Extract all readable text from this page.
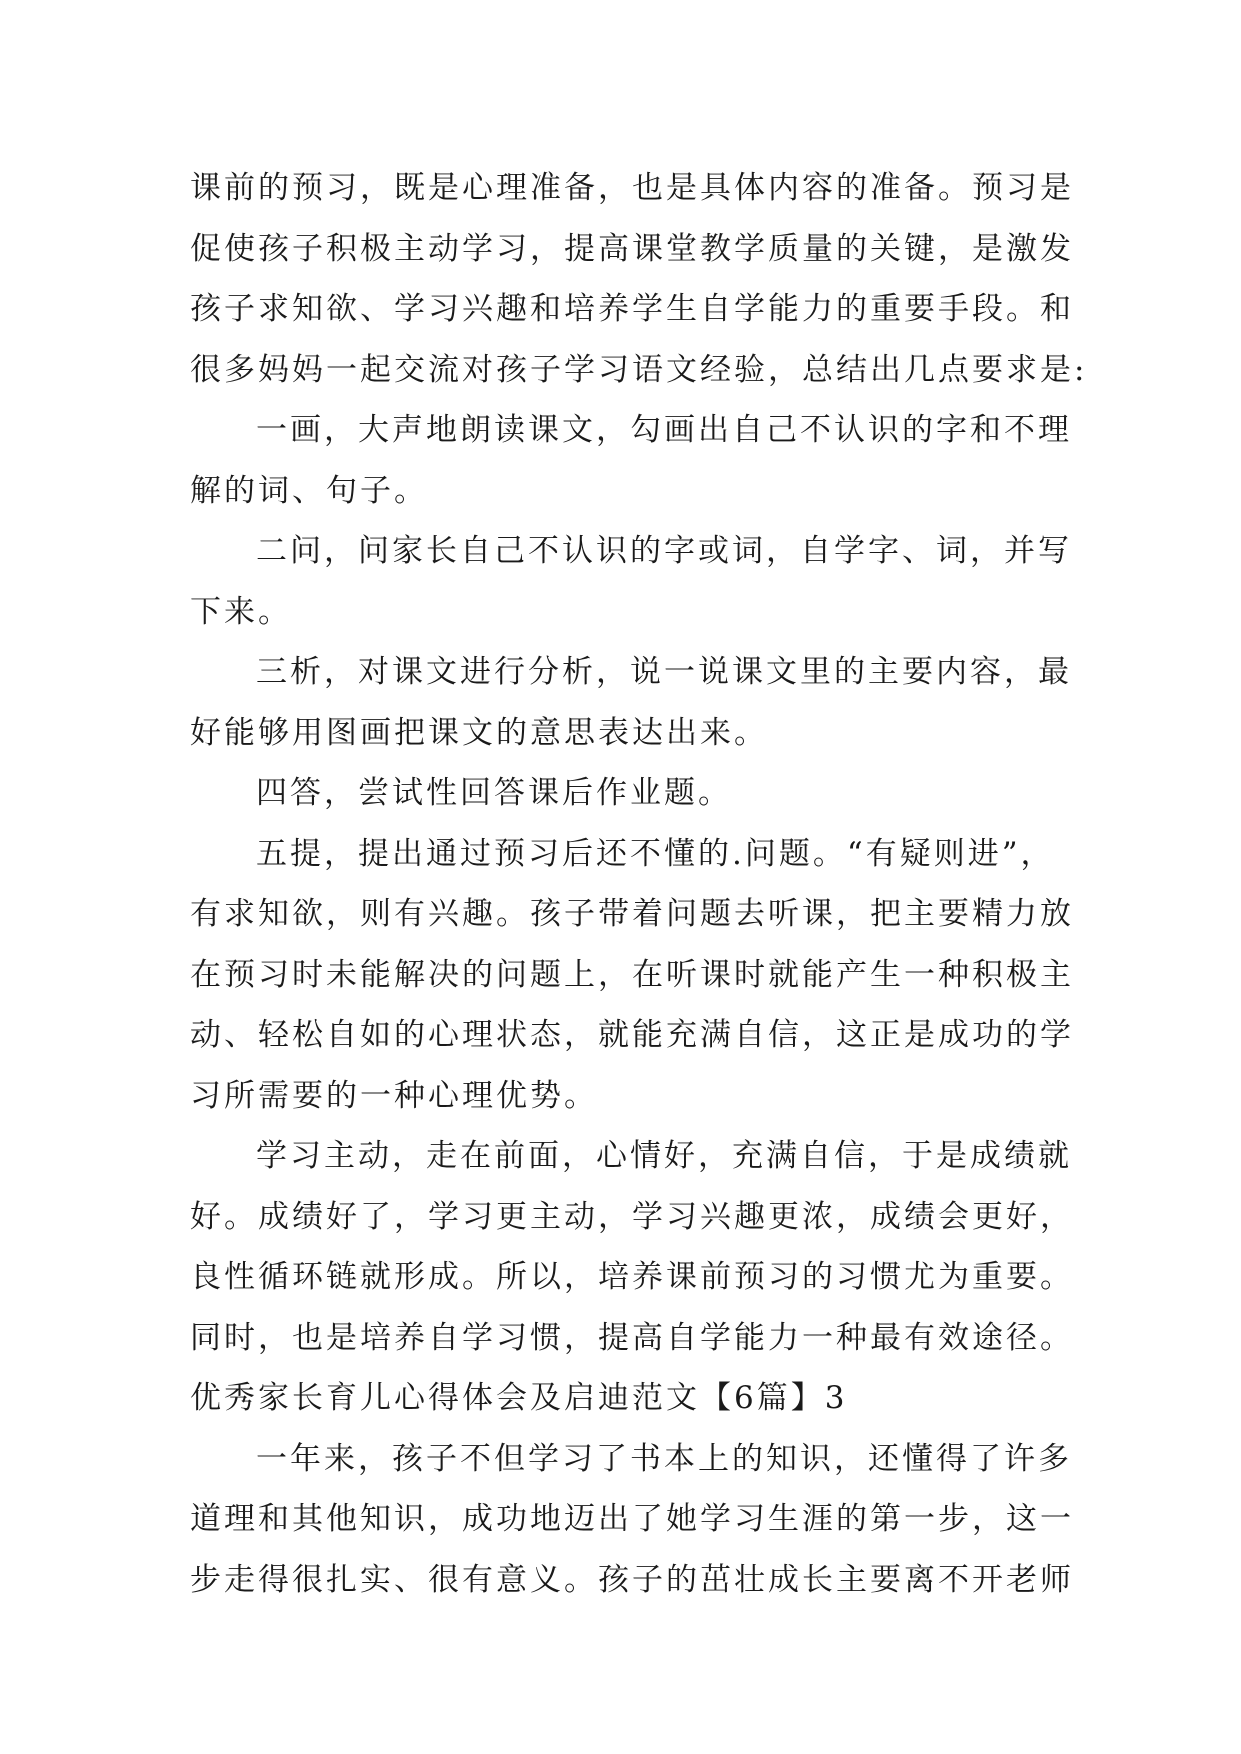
课前的预习，既是心理准备，也是具体内容的准备。预习是
促使孩子积极主动学习，提高课堂教学质量的关键，是激发
孩子求知欲、学习兴趣和培养学生自学能力的重要手段。和
很多妈妈一起交流对孩子学习语文经验，总结出几点要求是:
一画，大声地朗读课文，勾画出自己不认识的字和不理
解的词、句子。
二问，问家长自己不认识的字或词，自学字、词，并写
下来。
三析，对课文进行分析，说一说课文里的主要内容，最
好能够用图画把课文的意思表达出来。
四答，尝试性回答课后作业题。
五提，提出通过预习后还不懂的.问题。“有疑则进”，
有求知欲，则有兴趣。孩子带着问题去听课，把主要精力放
在预习时未能解决的问题上，在听课时就能产生一种积极主
动、轻松自如的心理状态，就能充满自信，这正是成功的学
习所需要的一种心理优势。
学习主动，走在前面，心情好，充满自信，于是成绩就
好。成绩好了，学习更主动，学习兴趣更浓，成绩会更好，
良性循环链就形成。所以，培养课前预习的习惯尤为重要。
同时，也是培养自学习惯，提高自学能力一种最有效途径。
优秀家长育儿心得体会及启迪范文【6篇】3
一年来，孩子不但学习了书本上的知识，还懂得了许多
道理和其他知识，成功地迈出了她学习生涯的第一步，这一
步走得很扎实、很有意义。孩子的茁壮成长主要离不开老师
